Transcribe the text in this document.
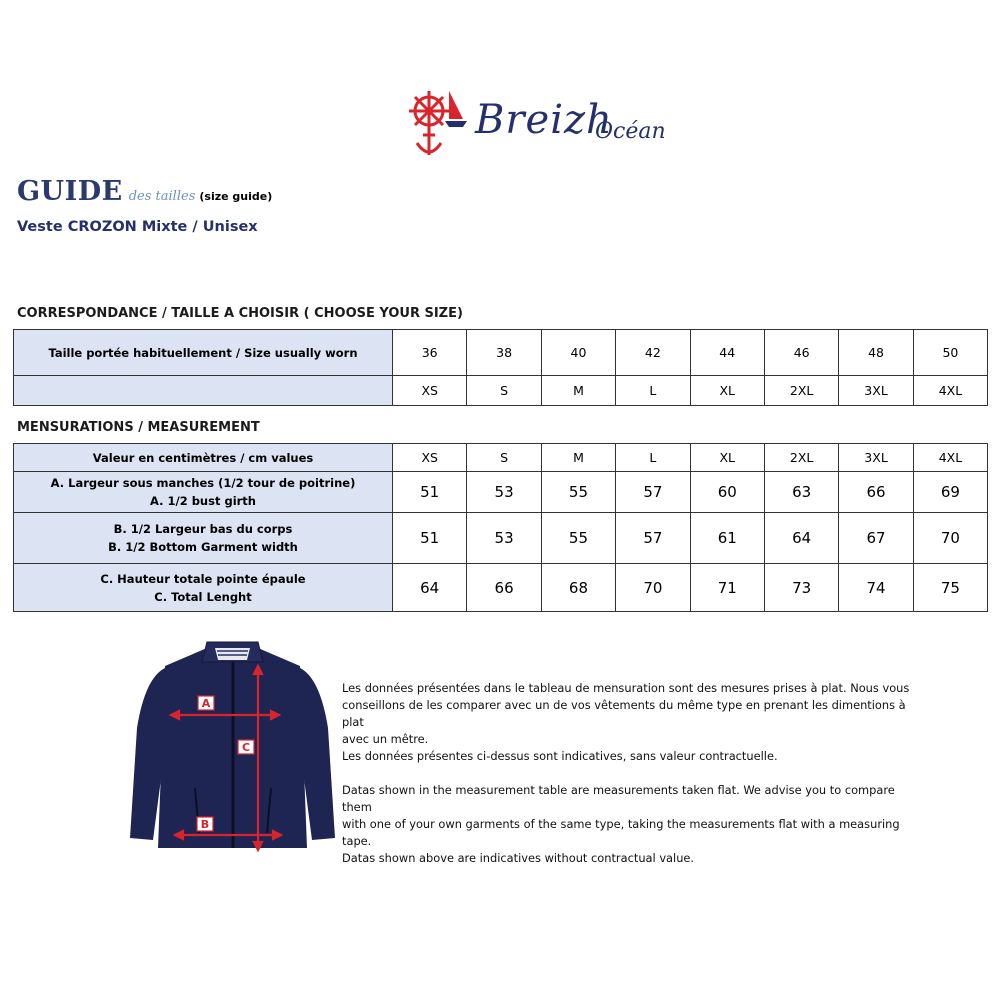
Breizh
Océan
GUIDE des tailles (size guide)
Veste CROZON Mixte / Unisex
CORRESPONDANCE / TAILLE A CHOISIR ( CHOOSE YOUR SIZE)
Taille portée habituellement / Size usually worn	36	38	40	42	44	46	48	50
	XS	S	M	L	XL	2XL	3XL	4XL
MENSURATIONS / MEASUREMENT
Valeur en centimètres / cm values	XS	S	M	L	XL	2XL	3XL	4XL

A. Largeur sous manches (1/2 tour de poitrine)
A. 1/2 bust girth	51	53	55	57	60	63	66	69

B. 1/2 Largeur bas du corps
B. 1/2 Bottom Garment width	51	53	55	57	61	64	67	70

C. Hauteur totale pointe épaule
C. Total Lenght	64	66	68	70	71	73	74	75
A
B
C

Les données présentées dans le tableau de mensuration sont des mesures prises à plat. Nous vous

conseillons de les comparer avec un de vos vêtements du même type en prenant les dimentions à plat

avec un mêtre.

Les données présentes ci-dessus sont indicatives, sans valeur contractuelle.

Datas shown in the measurement table are measurements taken flat. We advise you to compare them

with one of your own garments of the same type, taking the measurements flat with a measuring tape.

Datas shown above are indicatives without contractual value.
